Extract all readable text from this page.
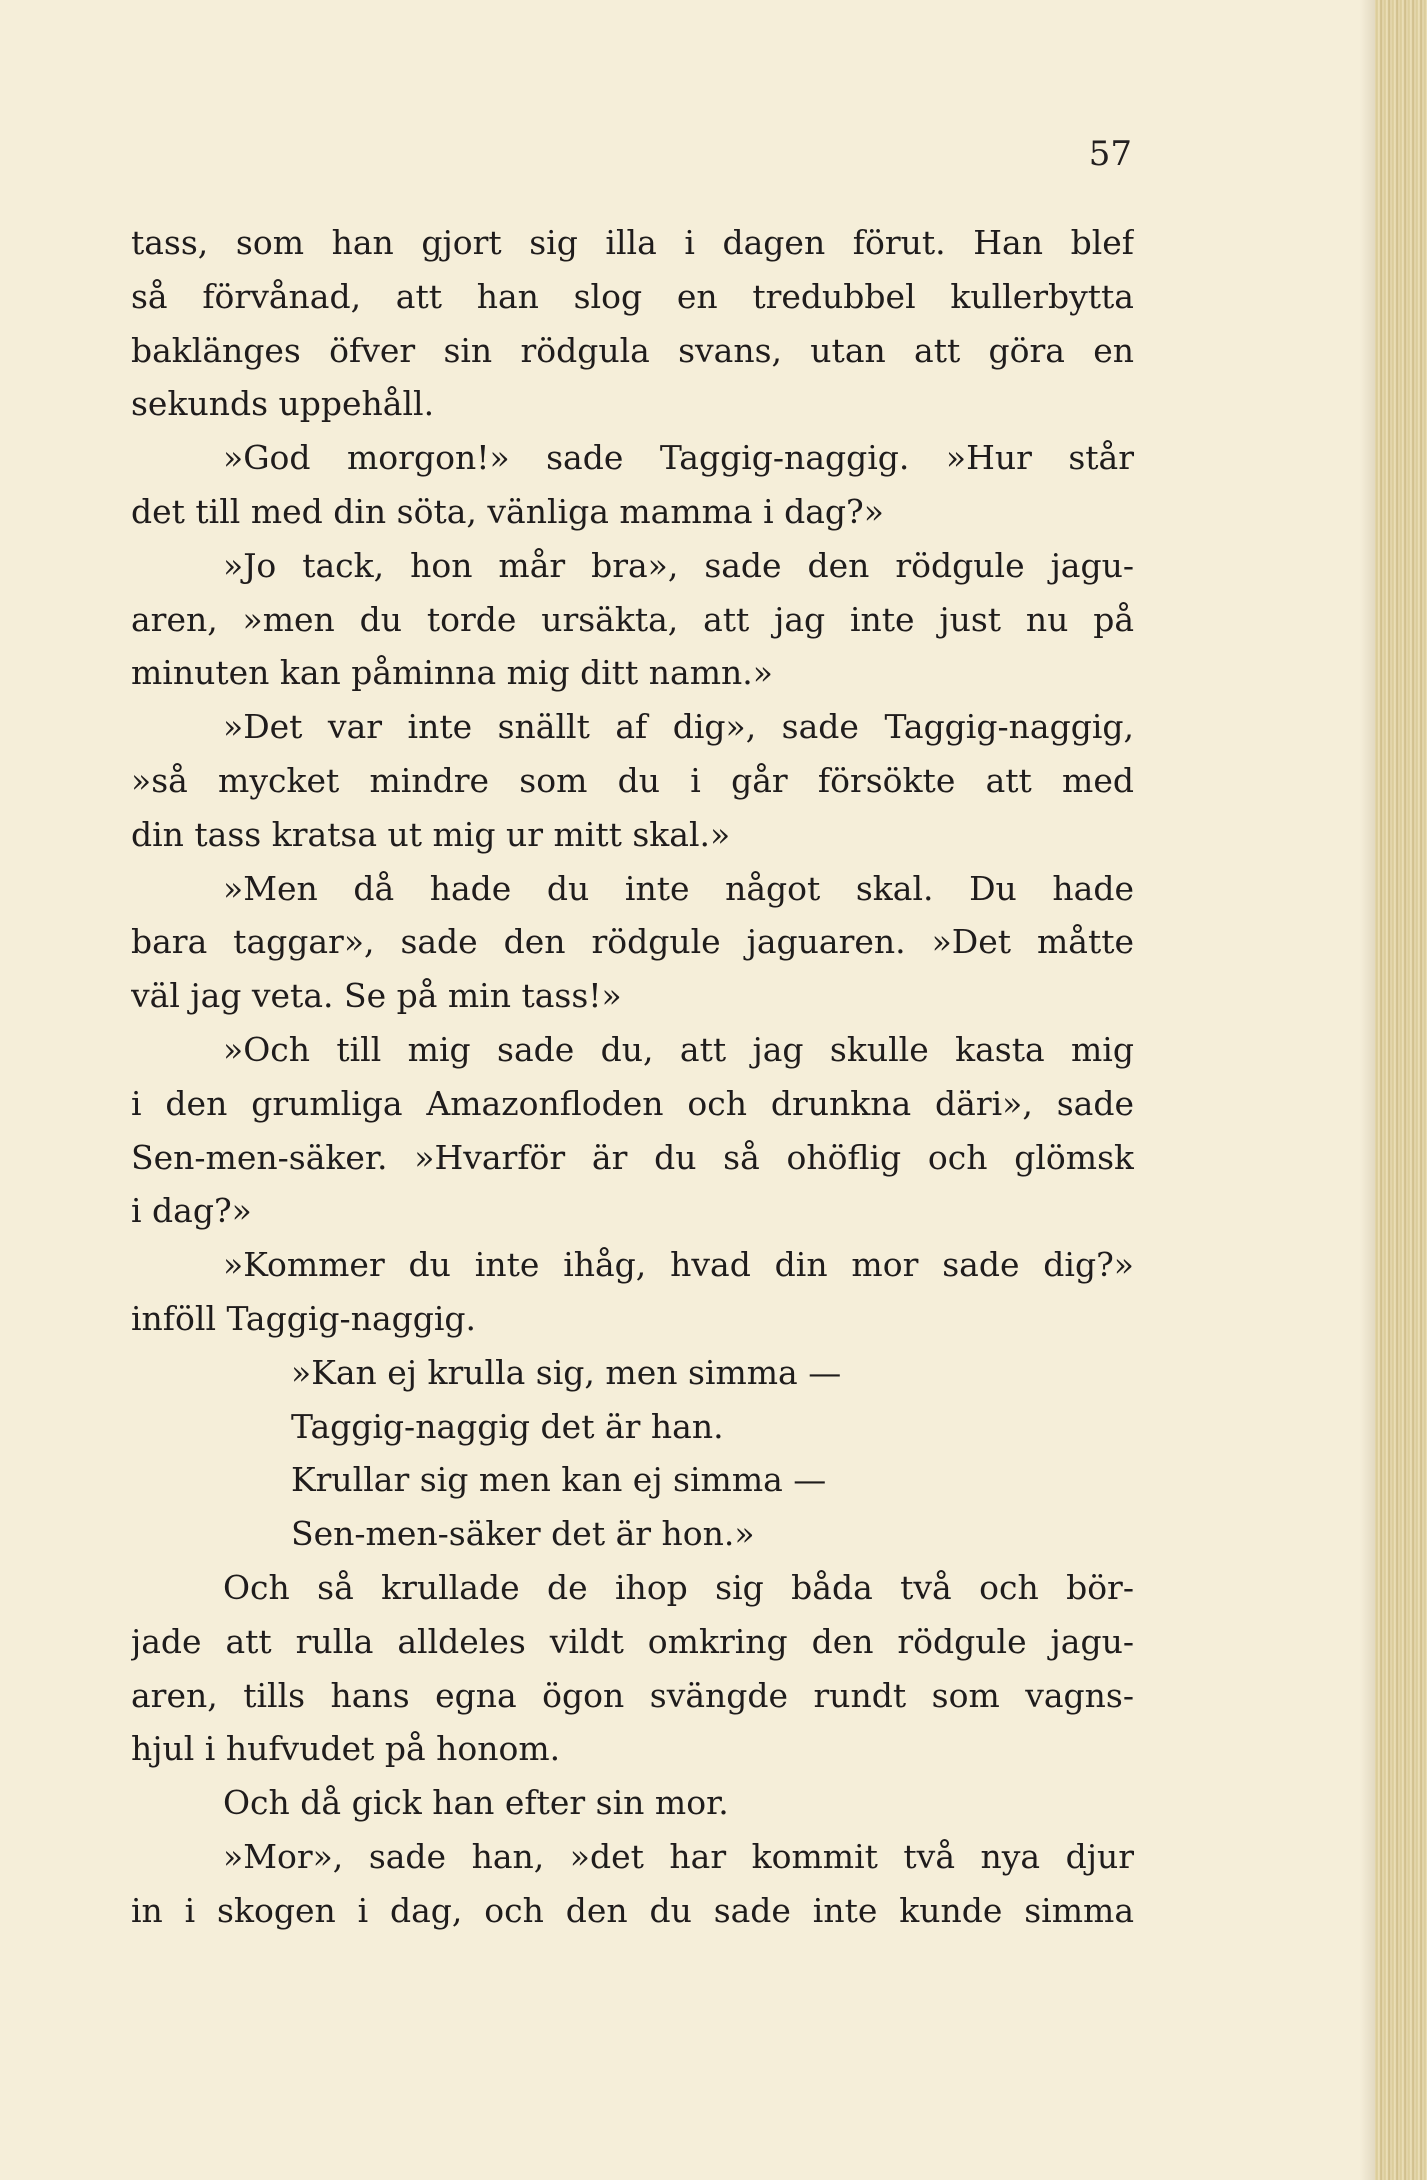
57
tass, som han gjort sig illa i dagen förut. Han blef
så förvånad, att han slog en tredubbel kullerbytta
baklänges öfver sin rödgula svans, utan att göra en
sekunds uppehåll.
»God morgon!» sade Taggig-naggig. »Hur står
det till med din söta, vänliga mamma i dag?»
»Jo tack, hon mår bra», sade den rödgule jagu-
aren, »men du torde ursäkta, att jag inte just nu på
minuten kan påminna mig ditt namn.»
»Det var inte snällt af dig», sade Taggig-naggig,
»så mycket mindre som du i går försökte att med
din tass kratsa ut mig ur mitt skal.»
»Men då hade du inte något skal. Du hade
bara taggar», sade den rödgule jaguaren. »Det måtte
väl jag veta. Se på min tass!»
»Och till mig sade du, att jag skulle kasta mig
i den grumliga Amazonfloden och drunkna däri», sade
Sen-men-säker. »Hvarför är du så ohöflig och glömsk
i dag?»
»Kommer du inte ihåg, hvad din mor sade dig?»
inföll Taggig-naggig.
»Kan ej krulla sig, men simma —
Taggig-naggig det är han.
Krullar sig men kan ej simma —
Sen-men-säker det är hon.»
Och så krullade de ihop sig båda två och bör-
jade att rulla alldeles vildt omkring den rödgule jagu-
aren, tills hans egna ögon svängde rundt som vagns-
hjul i hufvudet på honom.
Och då gick han efter sin mor.
»Mor», sade han, »det har kommit två nya djur
in i skogen i dag, och den du sade inte kunde simma
